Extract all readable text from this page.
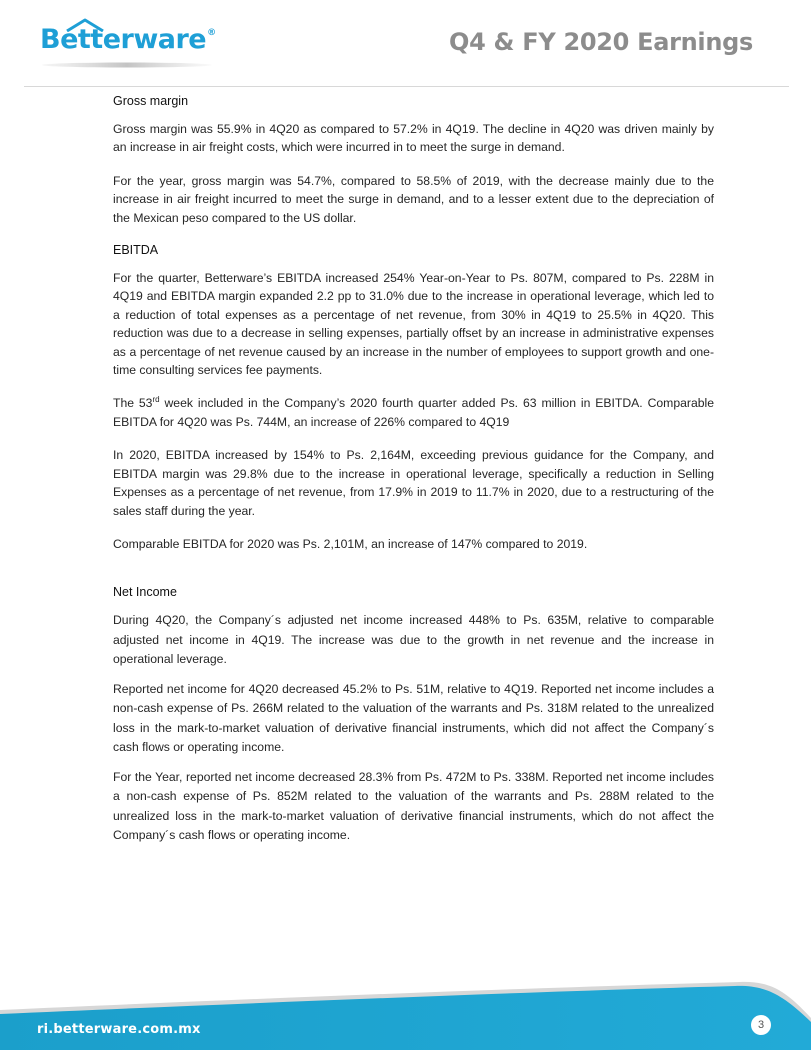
Betterware®	Q4 & FY 2020 Earnings
Gross margin

Gross margin was 55.9% in 4Q20 as compared to 57.2% in 4Q19. The decline in 4Q20 was driven mainly by an increase in air freight costs, which were incurred in to meet the surge in demand.

For the year, gross margin was 54.7%, compared to 58.5% of 2019, with the decrease mainly due to the increase in air freight incurred to meet the surge in demand, and to a lesser extent due to the depreciation of the Mexican peso compared to the US dollar.

EBITDA

For the quarter, Betterware’s EBITDA increased 254% Year-on-Year to Ps. 807M, compared to Ps. 228M in 4Q19 and EBITDA margin expanded 2.2 pp to 31.0% due to the increase in operational leverage, which led to a reduction of total expenses as a percentage of net revenue, from 30% in 4Q19 to 25.5% in 4Q20. This reduction was due to a decrease in selling expenses, partially offset by an increase in administrative expenses as a percentage of net revenue caused by an increase in the number of employees to support growth and one-time consulting services fee payments.

The 53rd week included in the Company’s 2020 fourth quarter added Ps. 63 million in EBITDA. Comparable EBITDA for 4Q20 was Ps. 744M, an increase of 226% compared to 4Q19

In 2020, EBITDA increased by 154% to Ps. 2,164M, exceeding previous guidance for the Company, and EBITDA margin was 29.8% due to the increase in operational leverage, specifically a reduction in Selling Expenses as a percentage of net revenue, from 17.9% in 2019 to 11.7% in 2020, due to a restructuring of the sales staff during the year.

Comparable EBITDA for 2020 was Ps. 2,101M, an increase of 147% compared to 2019.

Net Income

During 4Q20, the Company´s adjusted net income increased 448% to Ps. 635M, relative to comparable adjusted net income in 4Q19. The increase was due to the growth in net revenue and the increase in operational leverage.

Reported net income for 4Q20 decreased 45.2% to Ps. 51M, relative to 4Q19. Reported net income includes a non-cash expense of Ps. 266M related to the valuation of the warrants and Ps. 318M related to the unrealized loss in the mark-to-market valuation of derivative financial instruments, which did not affect the Company´s cash flows or operating income.

For the Year, reported net income decreased 28.3% from Ps. 472M to Ps. 338M. Reported net income includes a non-cash expense of Ps. 852M related to the valuation of the warrants and Ps. 288M related to the unrealized loss in the mark-to-market valuation of derivative financial instruments, which do not affect the Company´s cash flows or operating income.

ri.betterware.com.mx	3
